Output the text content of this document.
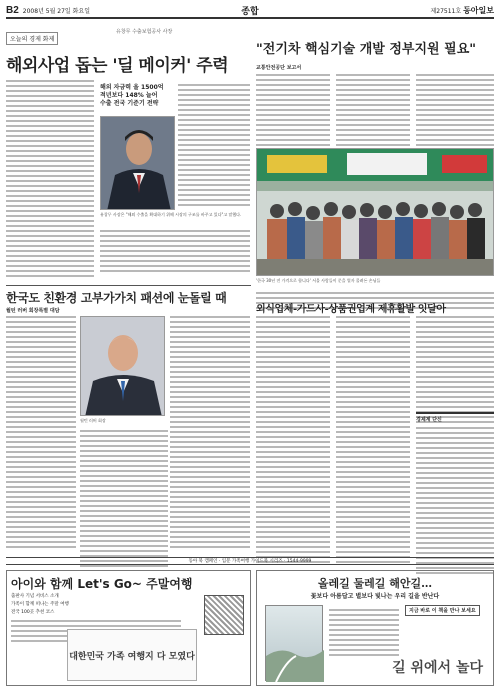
B2 2008년 5월 27일 화요일	종합	제27511호 동아일보
오늘의 경제 화제
유창무 수출보험공사 사장
해외사업 돕는 '딜 메이커' 주력
해외 자금력 올 1500억
적년보다 148% 늘어
수출 전국 기준기 전략
유창무 사장은 "해외 수출을 확대하기 위해 시장의 구조를 바꾸고 있다"고 말했다.
한국도 친환경 고부가가치 패션에 눈돌릴 때
월턴 러버 회장특별 대담
월턴 러버 회장
"전기차 핵심기술 개발 정부지원 필요"
교통안전공단 보고서
'한국 30년 전 가격으로 합니다' 서울 사람들이 문을 열자 몰려든 손님들
외식업체-가드사-상품권업계 제휴활발 잇달아
경제계 단신
동아 북 캠페인 · 입문 가족여행 가이드북 시리즈 · 1544-9999
아이와 함께 Let's Go~ 주말여행
출판사 기념 서비스 소개
가족이 함께 떠나는 주말 여행
전국 100곳 추천 코스
대한민국 가족 여행지 다 모였다
올레길 둘레길 해안길…
꽃보다 아름답고 별보다 빛나는 우리 길을 반난다
지금 바로 이 책을 만나 보세요
길 위에서 놀다
